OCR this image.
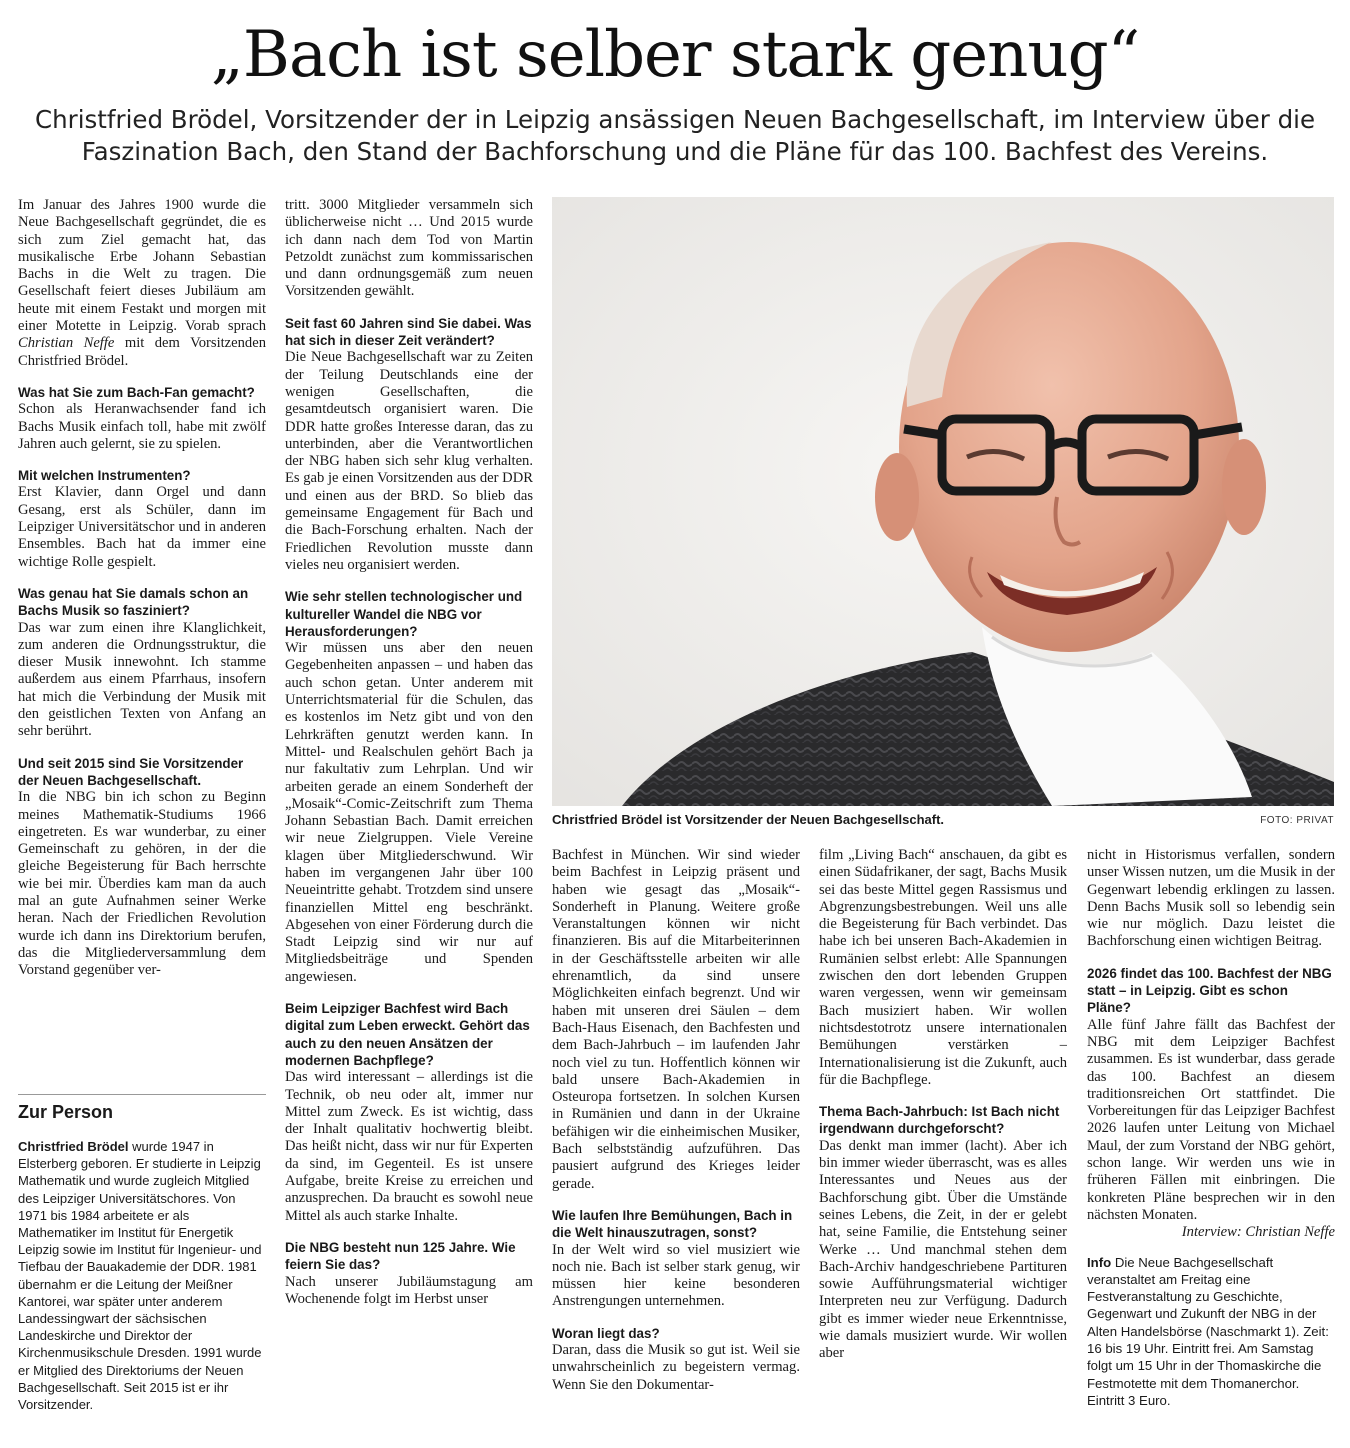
„Bach ist selber stark genug“
Christfried Brödel, Vorsitzender der in Leipzig ansässigen Neuen Bachgesellschaft, im Interview über die Faszination Bach, den Stand der Bachforschung und die Pläne für das 100. Bachfest des Vereins.

Im Januar des Jahres 1900 wurde die Neue Bachgesellschaft gegründet, die es sich zum Ziel gemacht hat, das musikalische Erbe Johann Sebastian Bachs in die Welt zu tragen. Die Gesellschaft feiert dieses Jubiläum am heute mit einem Festakt und morgen mit einer Motette in Leipzig. Vorab sprach Christian Neffe mit dem Vorsitzenden Christfried Brödel.

Was hat Sie zum Bach-Fan gemacht?

Schon als Heranwachsender fand ich Bachs Musik einfach toll, habe mit zwölf Jahren auch gelernt, sie zu spielen.

Mit welchen Instrumenten?

Erst Klavier, dann Orgel und dann Gesang, erst als Schüler, dann im Leipziger Universitätschor und in anderen Ensembles. Bach hat da immer eine wichtige Rolle gespielt.

Was genau hat Sie damals schon an Bachs Musik so fasziniert?

Das war zum einen ihre Klanglichkeit, zum anderen die Ordnungsstruktur, die dieser Musik innewohnt. Ich stamme außerdem aus einem Pfarrhaus, insofern hat mich die Verbindung der Musik mit den geistlichen Texten von Anfang an sehr berührt.

Und seit 2015 sind Sie Vorsitzender der Neuen Bachgesellschaft.

In die NBG bin ich schon zu Beginn meines Mathematik-Studiums 1966 eingetreten. Es war wunderbar, zu einer Gemeinschaft zu gehören, in der die gleiche Begeisterung für Bach herrschte wie bei mir. Überdies kam man da auch mal an gute Aufnahmen seiner Werke heran. Nach der Friedlichen Revolution wurde ich dann ins Direktorium berufen, das die Mitgliederversammlung dem Vorstand gegenüber ver-

Zur Person

Christfried Brödel wurde 1947 in Elsterberg geboren. Er studierte in Leipzig Mathematik und wurde zugleich Mitglied des Leipziger Universitätschores. Von 1971 bis 1984 arbeitete er als Mathematiker im Institut für Energetik Leipzig sowie im Institut für Ingenieur- und Tiefbau der Bauakademie der DDR. 1981 übernahm er die Leitung der Meißner Kantorei, war später unter anderem Landessingwart der sächsischen Landeskirche und Direktor der Kirchenmusikschule Dresden. 1991 wurde er Mitglied des Direktoriums der Neuen Bachgesellschaft. Seit 2015 ist er ihr Vorsitzender.

tritt. 3000 Mitglieder versammeln sich üblicherweise nicht … Und 2015 wurde ich dann nach dem Tod von Martin Petzoldt zunächst zum kommissarischen und dann ordnungsgemäß zum neuen Vorsitzenden gewählt.

Seit fast 60 Jahren sind Sie dabei. Was hat sich in dieser Zeit verändert?

Die Neue Bachgesellschaft war zu Zeiten der Teilung Deutschlands eine der wenigen Gesellschaften, die gesamtdeutsch organisiert waren. Die DDR hatte großes Interesse daran, das zu unterbinden, aber die Verantwortlichen der NBG haben sich sehr klug verhalten. Es gab je einen Vorsitzenden aus der DDR und einen aus der BRD. So blieb das gemeinsame Engagement für Bach und die Bach-Forschung erhalten. Nach der Friedlichen Revolution musste dann vieles neu organisiert werden.

Wie sehr stellen technologischer und kultureller Wandel die NBG vor Herausforderungen?

Wir müssen uns aber den neuen Gegebenheiten anpassen – und haben das auch schon getan. Unter anderem mit Unterrichtsmaterial für die Schulen, das es kostenlos im Netz gibt und von den Lehrkräften genutzt werden kann. In Mittel- und Realschulen gehört Bach ja nur fakultativ zum Lehrplan. Und wir arbeiten gerade an einem Sonderheft der „Mosaik“-Comic-Zeitschrift zum Thema Johann Sebastian Bach. Damit erreichen wir neue Zielgruppen. Viele Vereine klagen über Mitgliederschwund. Wir haben im vergangenen Jahr über 100 Neueintritte gehabt. Trotzdem sind unsere finanziellen Mittel eng beschränkt. Abgesehen von einer Förderung durch die Stadt Leipzig sind wir nur auf Mitgliedsbeiträge und Spenden angewiesen.

Beim Leipziger Bachfest wird Bach digital zum Leben erweckt. Gehört das auch zu den neuen Ansätzen der modernen Bachpflege?

Das wird interessant – allerdings ist die Technik, ob neu oder alt, immer nur Mittel zum Zweck. Es ist wichtig, dass der Inhalt qualitativ hochwertig bleibt. Das heißt nicht, dass wir nur für Experten da sind, im Gegenteil. Es ist unsere Aufgabe, breite Kreise zu erreichen und anzusprechen. Da braucht es sowohl neue Mittel als auch starke Inhalte.

Die NBG besteht nun 125 Jahre. Wie feiern Sie das?

Nach unserer Jubiläumstagung am Wochenende folgt im Herbst unser

Christfried Brödel ist Vorsitzender der Neuen Bachgesellschaft.	FOTO: PRIVAT

Bachfest in München. Wir sind wieder beim Bachfest in Leipzig präsent und haben wie gesagt das „Mosaik“-Sonderheft in Planung. Weitere große Veranstaltungen können wir nicht finanzieren. Bis auf die Mitarbeiterinnen in der Geschäftsstelle arbeiten wir alle ehrenamtlich, da sind unsere Möglichkeiten einfach begrenzt. Und wir haben mit unseren drei Säulen – dem Bach-Haus Eisenach, den Bachfesten und dem Bach-Jahrbuch – im laufenden Jahr noch viel zu tun. Hoffentlich können wir bald unsere Bach-Akademien in Osteuropa fortsetzen. In solchen Kursen in Rumänien und dann in der Ukraine befähigen wir die einheimischen Musiker, Bach selbstständig aufzuführen. Das pausiert aufgrund des Krieges leider gerade.

Wie laufen Ihre Bemühungen, Bach in die Welt hinauszutragen, sonst?

In der Welt wird so viel musiziert wie noch nie. Bach ist selber stark genug, wir müssen hier keine besonderen Anstrengungen unternehmen.

Woran liegt das?

Daran, dass die Musik so gut ist. Weil sie unwahrscheinlich zu begeistern vermag. Wenn Sie den Dokumentar-

film „Living Bach“ anschauen, da gibt es einen Südafrikaner, der sagt, Bachs Musik sei das beste Mittel gegen Rassismus und Abgrenzungsbestrebungen. Weil uns alle die Begeisterung für Bach verbindet. Das habe ich bei unseren Bach-Akademien in Rumänien selbst erlebt: Alle Spannungen zwischen den dort lebenden Gruppen waren vergessen, wenn wir gemeinsam Bach musiziert haben. Wir wollen nichtsdestotrotz unsere internationalen Bemühungen verstärken – Internationalisierung ist die Zukunft, auch für die Bachpflege.

Thema Bach-Jahrbuch: Ist Bach nicht irgendwann durchgeforscht?

Das denkt man immer (lacht). Aber ich bin immer wieder überrascht, was es alles Interessantes und Neues aus der Bachforschung gibt. Über die Umstände seines Lebens, die Zeit, in der er gelebt hat, seine Familie, die Entstehung seiner Werke … Und manchmal stehen dem Bach-Archiv handgeschriebene Partituren sowie Aufführungsmaterial wichtiger Interpreten neu zur Verfügung. Dadurch gibt es immer wieder neue Erkenntnisse, wie damals musiziert wurde. Wir wollen aber

nicht in Historismus verfallen, sondern unser Wissen nutzen, um die Musik in der Gegenwart lebendig erklingen zu lassen. Denn Bachs Musik soll so lebendig sein wie nur möglich. Dazu leistet die Bachforschung einen wichtigen Beitrag.

2026 findet das 100. Bachfest der NBG statt – in Leipzig. Gibt es schon Pläne?

Alle fünf Jahre fällt das Bachfest der NBG mit dem Leipziger Bachfest zusammen. Es ist wunderbar, dass gerade das 100. Bachfest an diesem traditionsreichen Ort stattfindet. Die Vorbereitungen für das Leipziger Bachfest 2026 laufen unter Leitung von Michael Maul, der zum Vorstand der NBG gehört, schon lange. Wir werden uns wie in früheren Fällen mit einbringen. Die konkreten Pläne besprechen wir in den nächsten Monaten.

Interview: Christian Neffe

Info Die Neue Bachgesellschaft veranstaltet am Freitag eine Festveranstaltung zu Geschichte, Gegenwart und Zukunft der NBG in der Alten Handelsbörse (Naschmarkt 1). Zeit: 16 bis 19 Uhr. Eintritt frei. Am Samstag folgt um 15 Uhr in der Thomaskirche die Festmotette mit dem Thomanerchor. Eintritt 3 Euro.
